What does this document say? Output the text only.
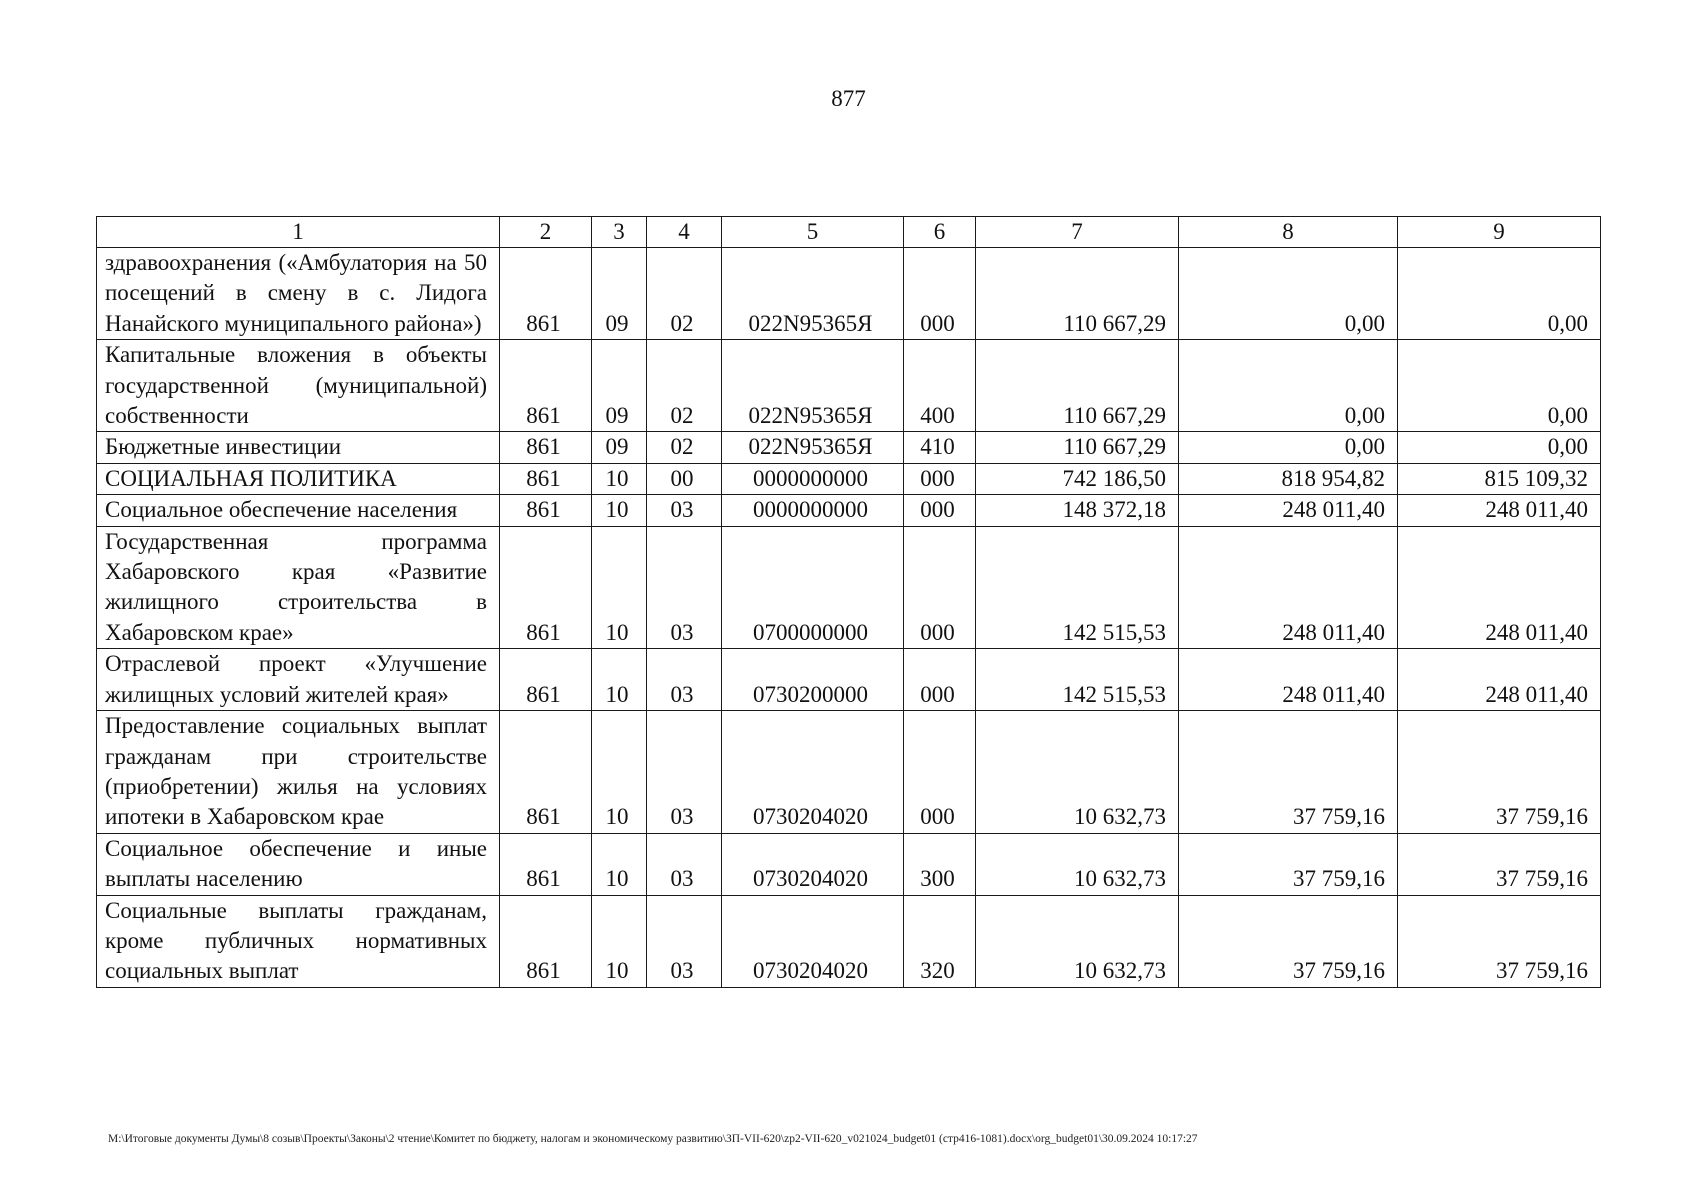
877
1	2	3	4	5	6	7	8	9
здравоохранения («Амбулатория на 50 посещений в смену в с. Лидога Нанайского муниципального района»)	861	09	02	022N95365Я	000	110 667,29	0,00	0,00
Капитальные вложения в объекты государственной (муниципальной) собственности	861	09	02	022N95365Я	400	110 667,29	0,00	0,00
Бюджетные инвестиции	861	09	02	022N95365Я	410	110 667,29	0,00	0,00
СОЦИАЛЬНАЯ ПОЛИТИКА	861	10	00	0000000000	000	742 186,50	818 954,82	815 109,32
Социальное обеспечение населения	861	10	03	0000000000	000	148 372,18	248 011,40	248 011,40
Государственная программа Хабаровского края «Развитие жилищного строительства в Хабаровском крае»	861	10	03	0700000000	000	142 515,53	248 011,40	248 011,40
Отраслевой проект «Улучшение жилищных условий жителей края»	861	10	03	0730200000	000	142 515,53	248 011,40	248 011,40
Предоставление социальных выплат гражданам при строительстве (приобретении) жилья на условиях ипотеки в Хабаровском крае	861	10	03	0730204020	000	10 632,73	37 759,16	37 759,16
Социальное обеспечение и иные выплаты населению	861	10	03	0730204020	300	10 632,73	37 759,16	37 759,16
Социальные выплаты гражданам, кроме публичных нормативных социальных выплат	861	10	03	0730204020	320	10 632,73	37 759,16	37 759,16
М:\Итоговые документы Думы\8 созыв\Проекты\Законы\2 чтение\Комитет по бюджету, налогам и экономическому развитию\ЗП-VII-620\zp2-VII-620_v021024_budget01 (стр416-1081).docx\org_budget01\30.09.2024 10:17:27
